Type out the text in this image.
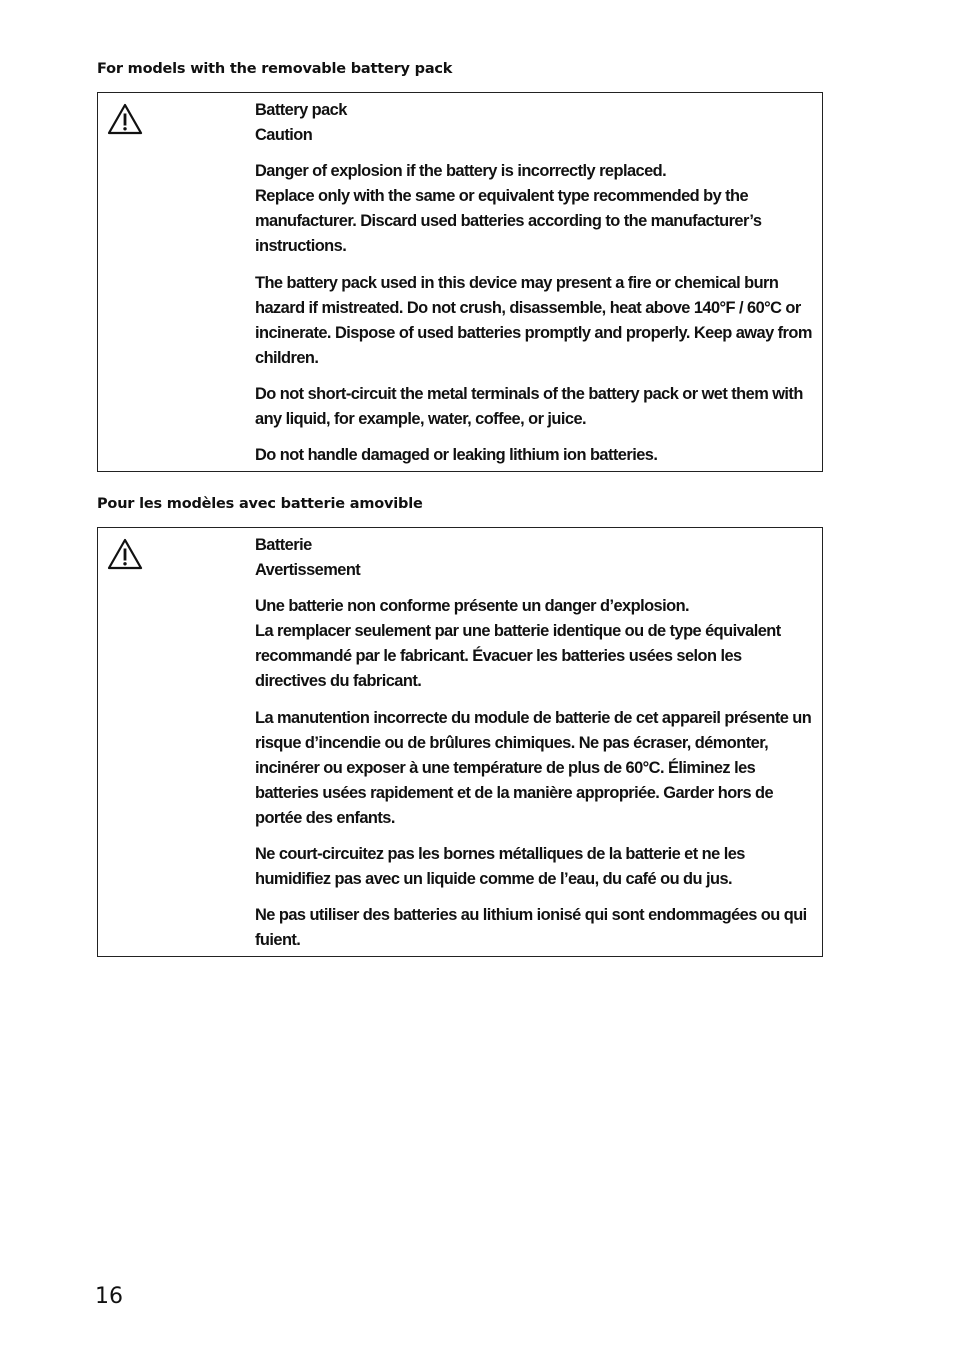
For models with the removable battery pack
Battery pack
Caution
Danger of explosion if the battery is incorrectly replaced.
Replace only with the same or equivalent type recommended by the manufacturer. Discard used batteries according to the manufacturer’s instructions.

The battery pack used in this device may present a fire or chemical burn hazard if mistreated. Do not crush, disassemble, heat above 140°F / 60°C or incinerate. Dispose of used batteries promptly and properly. Keep away from children.

Do not short-circuit the metal terminals of the battery pack or wet them with any liquid, for example, water, coffee, or juice.

Do not handle damaged or leaking lithium ion batteries.

Pour les modèles avec batterie amovible
Batterie
Avertissement
Une batterie non conforme présente un danger d’explosion.
La remplacer seulement par une batterie identique ou de type équivalent recommandé par le fabricant. Évacuer les batteries usées selon les directives du fabricant.

La manutention incorrecte du module de batterie de cet appareil présente un risque d’incendie ou de brûlures chimiques. Ne pas écraser, démonter, incinérer ou exposer à une température de plus de 60°C. Éliminez les batteries usées rapidement et de la manière appropriée. Garder hors de portée des enfants.

Ne court-circuitez pas les bornes métalliques de la batterie et ne les humidifiez pas avec un liquide comme de l’eau, du café ou du jus.

Ne pas utiliser des batteries au lithium ionisé qui sont endommagées ou qui fuient.

16
